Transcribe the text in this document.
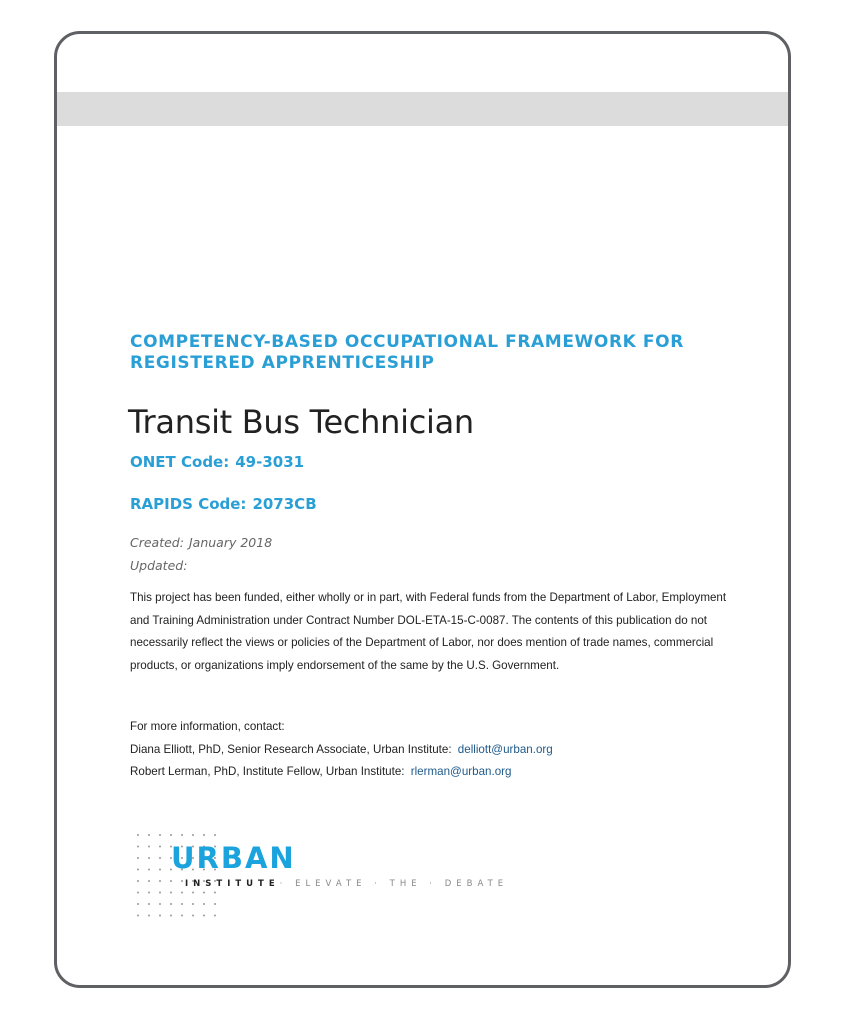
COMPETENCY-BASED OCCUPATIONAL FRAMEWORK FOR REGISTERED APPRENTICESHIP
Transit Bus Technician
ONET Code: 49-3031
RAPIDS Code: 2073CB
Created: January 2018
Updated:

This project has been funded, either wholly or in part, with Federal funds from the Department of Labor, Employment and Training Administration under Contract Number DOL-ETA-15-C-0087. The contents of this publication do not necessarily reflect the views or policies of the Department of Labor, nor does mention of trade names, commercial products, or organizations imply endorsement of the same by the U.S. Government.

For more information, contact:
Diana Elliott, PhD, Senior Research Associate, Urban Institute: delliott@urban.org
Robert Lerman, PhD, Institute Fellow, Urban Institute: rlerman@urban.org
URBAN
INSTITUTE· ELEVATE · THE · DEBATE
